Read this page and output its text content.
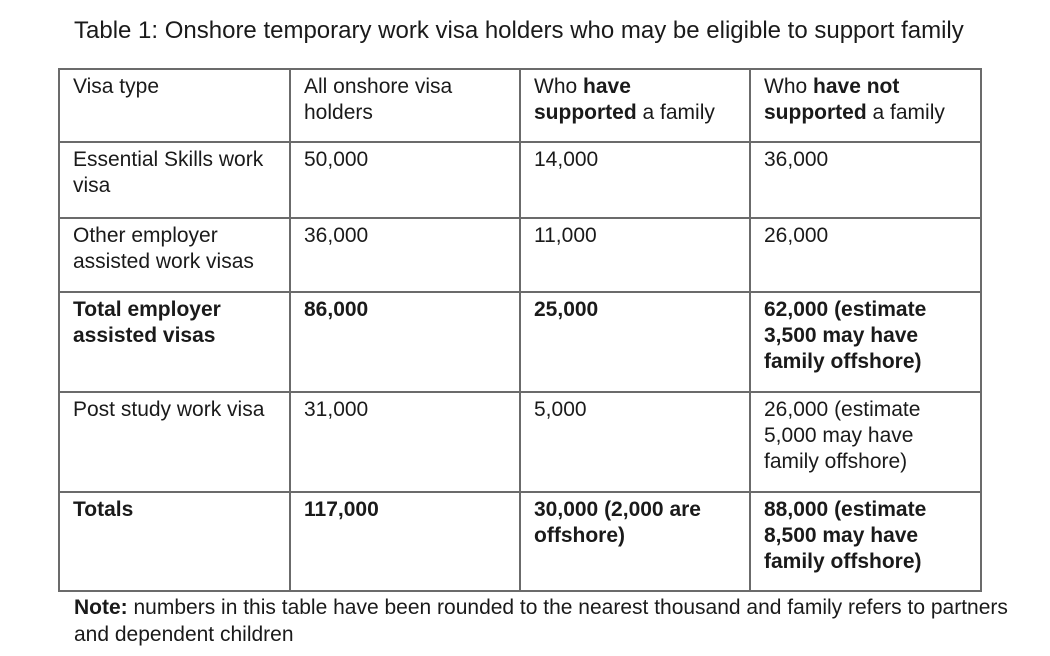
Table 1: Onshore temporary work visa holders who may be eligible to support family
Visa type	All onshore visa holders	Who have supported a family	Who have not supported a family
Essential Skills work visa	50,000	14,000	36,000
Other employer assisted work visas	36,000	11,000	26,000
Total employer assisted visas	86,000	25,000	62,000 (estimate 3,500 may have family offshore)
Post study work visa	31,000	5,000	26,000 (estimate 5,000 may have family offshore)
Totals	117,000	30,000 (2,000 are offshore)	88,000 (estimate 8,500 may have family offshore)

Note: numbers in this table have been rounded to the nearest thousand and family refers to partners and dependent children
